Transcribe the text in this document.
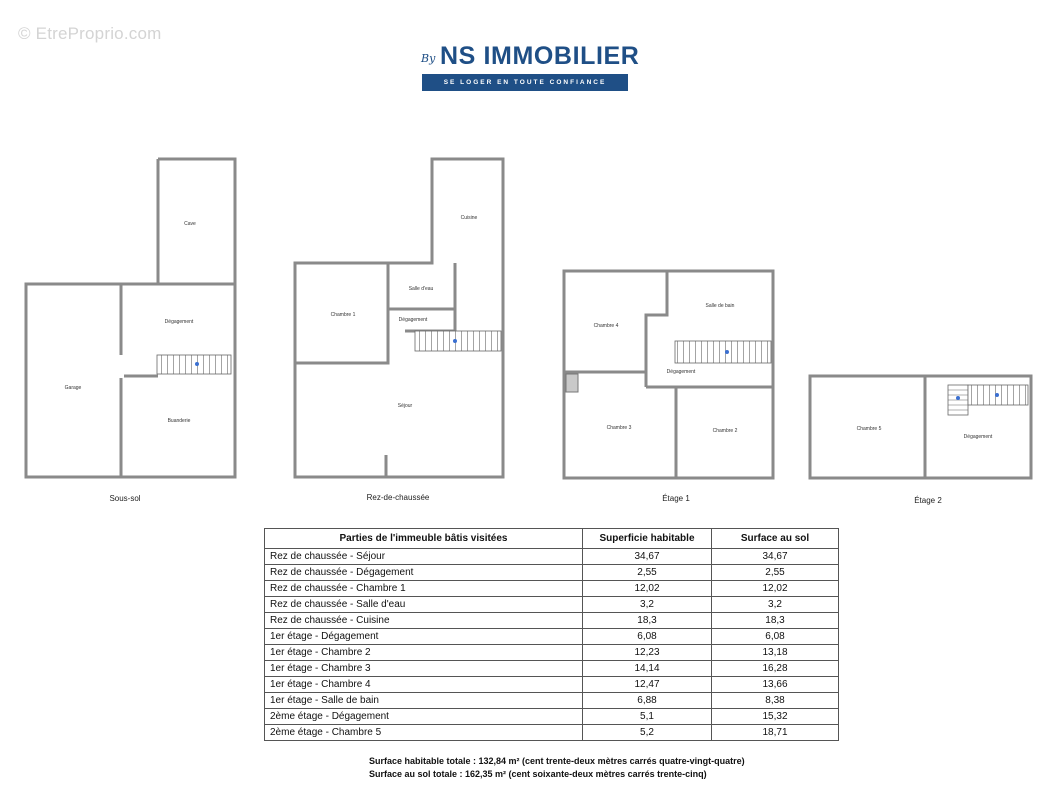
© EtreProprio.com
By NS IMMOBILIER
SE LOGER EN TOUTE CONFIANCE
Cave
Dégagement
Garage
Buanderie
Cuisine
Salle d'eau
Chambre 1
Dégagement
Séjour
Chambre 4
Salle de bain
Dégagement
Chambre 3	Chambre 2	Chambre 5
Dégagement
Sous-sol	Rez-de-chaussée	Étage 1	Étage 2
Parties de l'immeuble bâtis visitées	Superficie habitable	Surface au sol
Rez de chaussée - Séjour	34,67	34,67
Rez de chaussée - Dégagement	2,55	2,55
Rez de chaussée - Chambre 1	12,02	12,02
Rez de chaussée - Salle d'eau	3,2	3,2
Rez de chaussée - Cuisine	18,3	18,3
1er étage - Dégagement	6,08	6,08
1er étage - Chambre 2	12,23	13,18
1er étage - Chambre 3	14,14	16,28
1er étage - Chambre 4	12,47	13,66
1er étage - Salle de bain	6,88	8,38
2ème étage - Dégagement	5,1	15,32
2ème étage - Chambre 5	5,2	18,71
Surface habitable totale : 132,84 m² (cent trente-deux mètres carrés quatre-vingt-quatre)
Surface au sol totale : 162,35 m² (cent soixante-deux mètres carrés trente-cinq)
